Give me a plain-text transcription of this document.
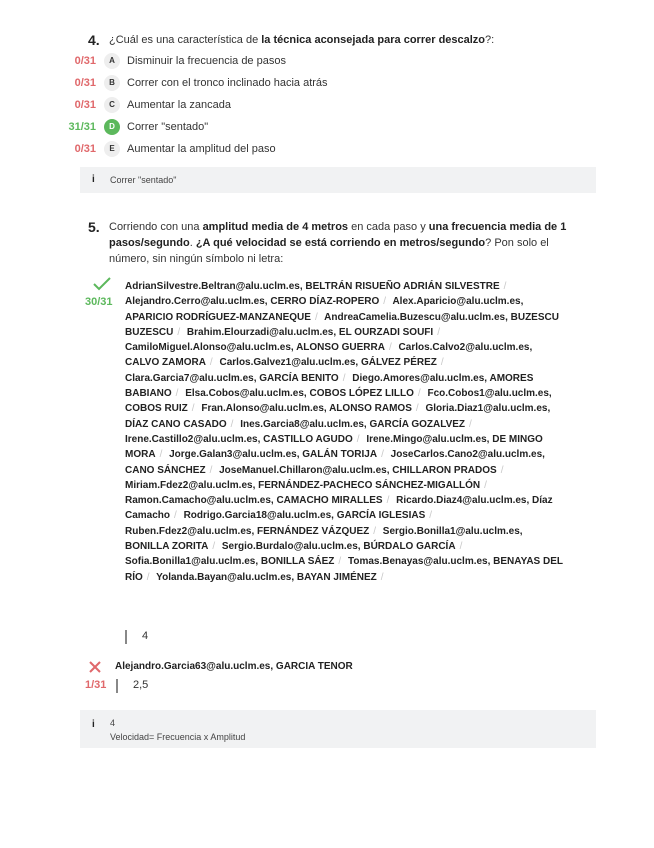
4. ¿Cuál es una característica de la técnica aconsejada para correr descalzo?:
0/31	A	Disminuir la frecuencia de pasos
0/31	B	Correr con el tronco inclinado hacia atrás
0/31	C	Aumentar la zancada
31/31	D	Correr "sentado"
0/31	E	Aumentar la amplitud del paso
i Correr "sentado"
5. Corriendo con una amplitud media de 4 metros en cada paso y una frecuencia media de 1 pasos/segundo. ¿A qué velocidad se está corriendo en metros/segundo? Pon solo el número, sin ningún símbolo ni letra:
30/31
AdrianSilvestre.Beltran@alu.uclm.es, BELTRÁN RISUEÑO ADRIÁN SILVESTRE / Alejandro.Cerro@alu.uclm.es, CERRO DÍAZ-ROPERO / Alex.Aparicio@alu.uclm.es, APARICIO RODRÍGUEZ-MANZANEQUE / AndreaCamelia.Buzescu@alu.uclm.es, BUZESCU BUZESCU / Brahim.Elourzadi@alu.uclm.es, EL OURZADI SOUFI / CamiloMiguel.Alonso@alu.uclm.es, ALONSO GUERRA / Carlos.Calvo2@alu.uclm.es, CALVO ZAMORA / Carlos.Galvez1@alu.uclm.es, GÁLVEZ PÉREZ / Clara.Garcia7@alu.uclm.es, GARCÍA BENITO / Diego.Amores@alu.uclm.es, AMORES BABIANO / Elsa.Cobos@alu.uclm.es, COBOS LÓPEZ LILLO / Fco.Cobos1@alu.uclm.es, COBOS RUIZ / Fran.Alonso@alu.uclm.es, ALONSO RAMOS / Gloria.Diaz1@alu.uclm.es, DÍAZ CANO CASADO / Ines.Garcia8@alu.uclm.es, GARCÍA GOZALVEZ / Irene.Castillo2@alu.uclm.es, CASTILLO AGUDO / Irene.Mingo@alu.uclm.es, DE MINGO MORA / Jorge.Galan3@alu.uclm.es, GALÁN TORIJA / JoseCarlos.Cano2@alu.uclm.es, CANO SÁNCHEZ / JoseManuel.Chillaron@alu.uclm.es, CHILLARON PRADOS / Miriam.Fdez2@alu.uclm.es, FERNÁNDEZ-PACHECO SÁNCHEZ-MIGALLÓN / Ramon.Camacho@alu.uclm.es, CAMACHO MIRALLES / Ricardo.Diaz4@alu.uclm.es, Díaz Camacho / Rodrigo.Garcia18@alu.uclm.es, GARCÍA IGLESIAS / Ruben.Fdez2@alu.uclm.es, FERNÁNDEZ VÁZQUEZ / Sergio.Bonilla1@alu.uclm.es, BONILLA ZORITA / Sergio.Burdalo@alu.uclm.es, BÚRDALO GARCÍA / Sofia.Bonilla1@alu.uclm.es, BONILLA SÁEZ / Tomas.Benayas@alu.uclm.es, BENAYAS DEL RÍO / Yolanda.Bayan@alu.uclm.es, BAYAN JIMÉNEZ /
4
Alejandro.Garcia63@alu.uclm.es, GARCIA TENOR
1/31 2,5
i 4
Velocidad= Frecuencia x Amplitud
